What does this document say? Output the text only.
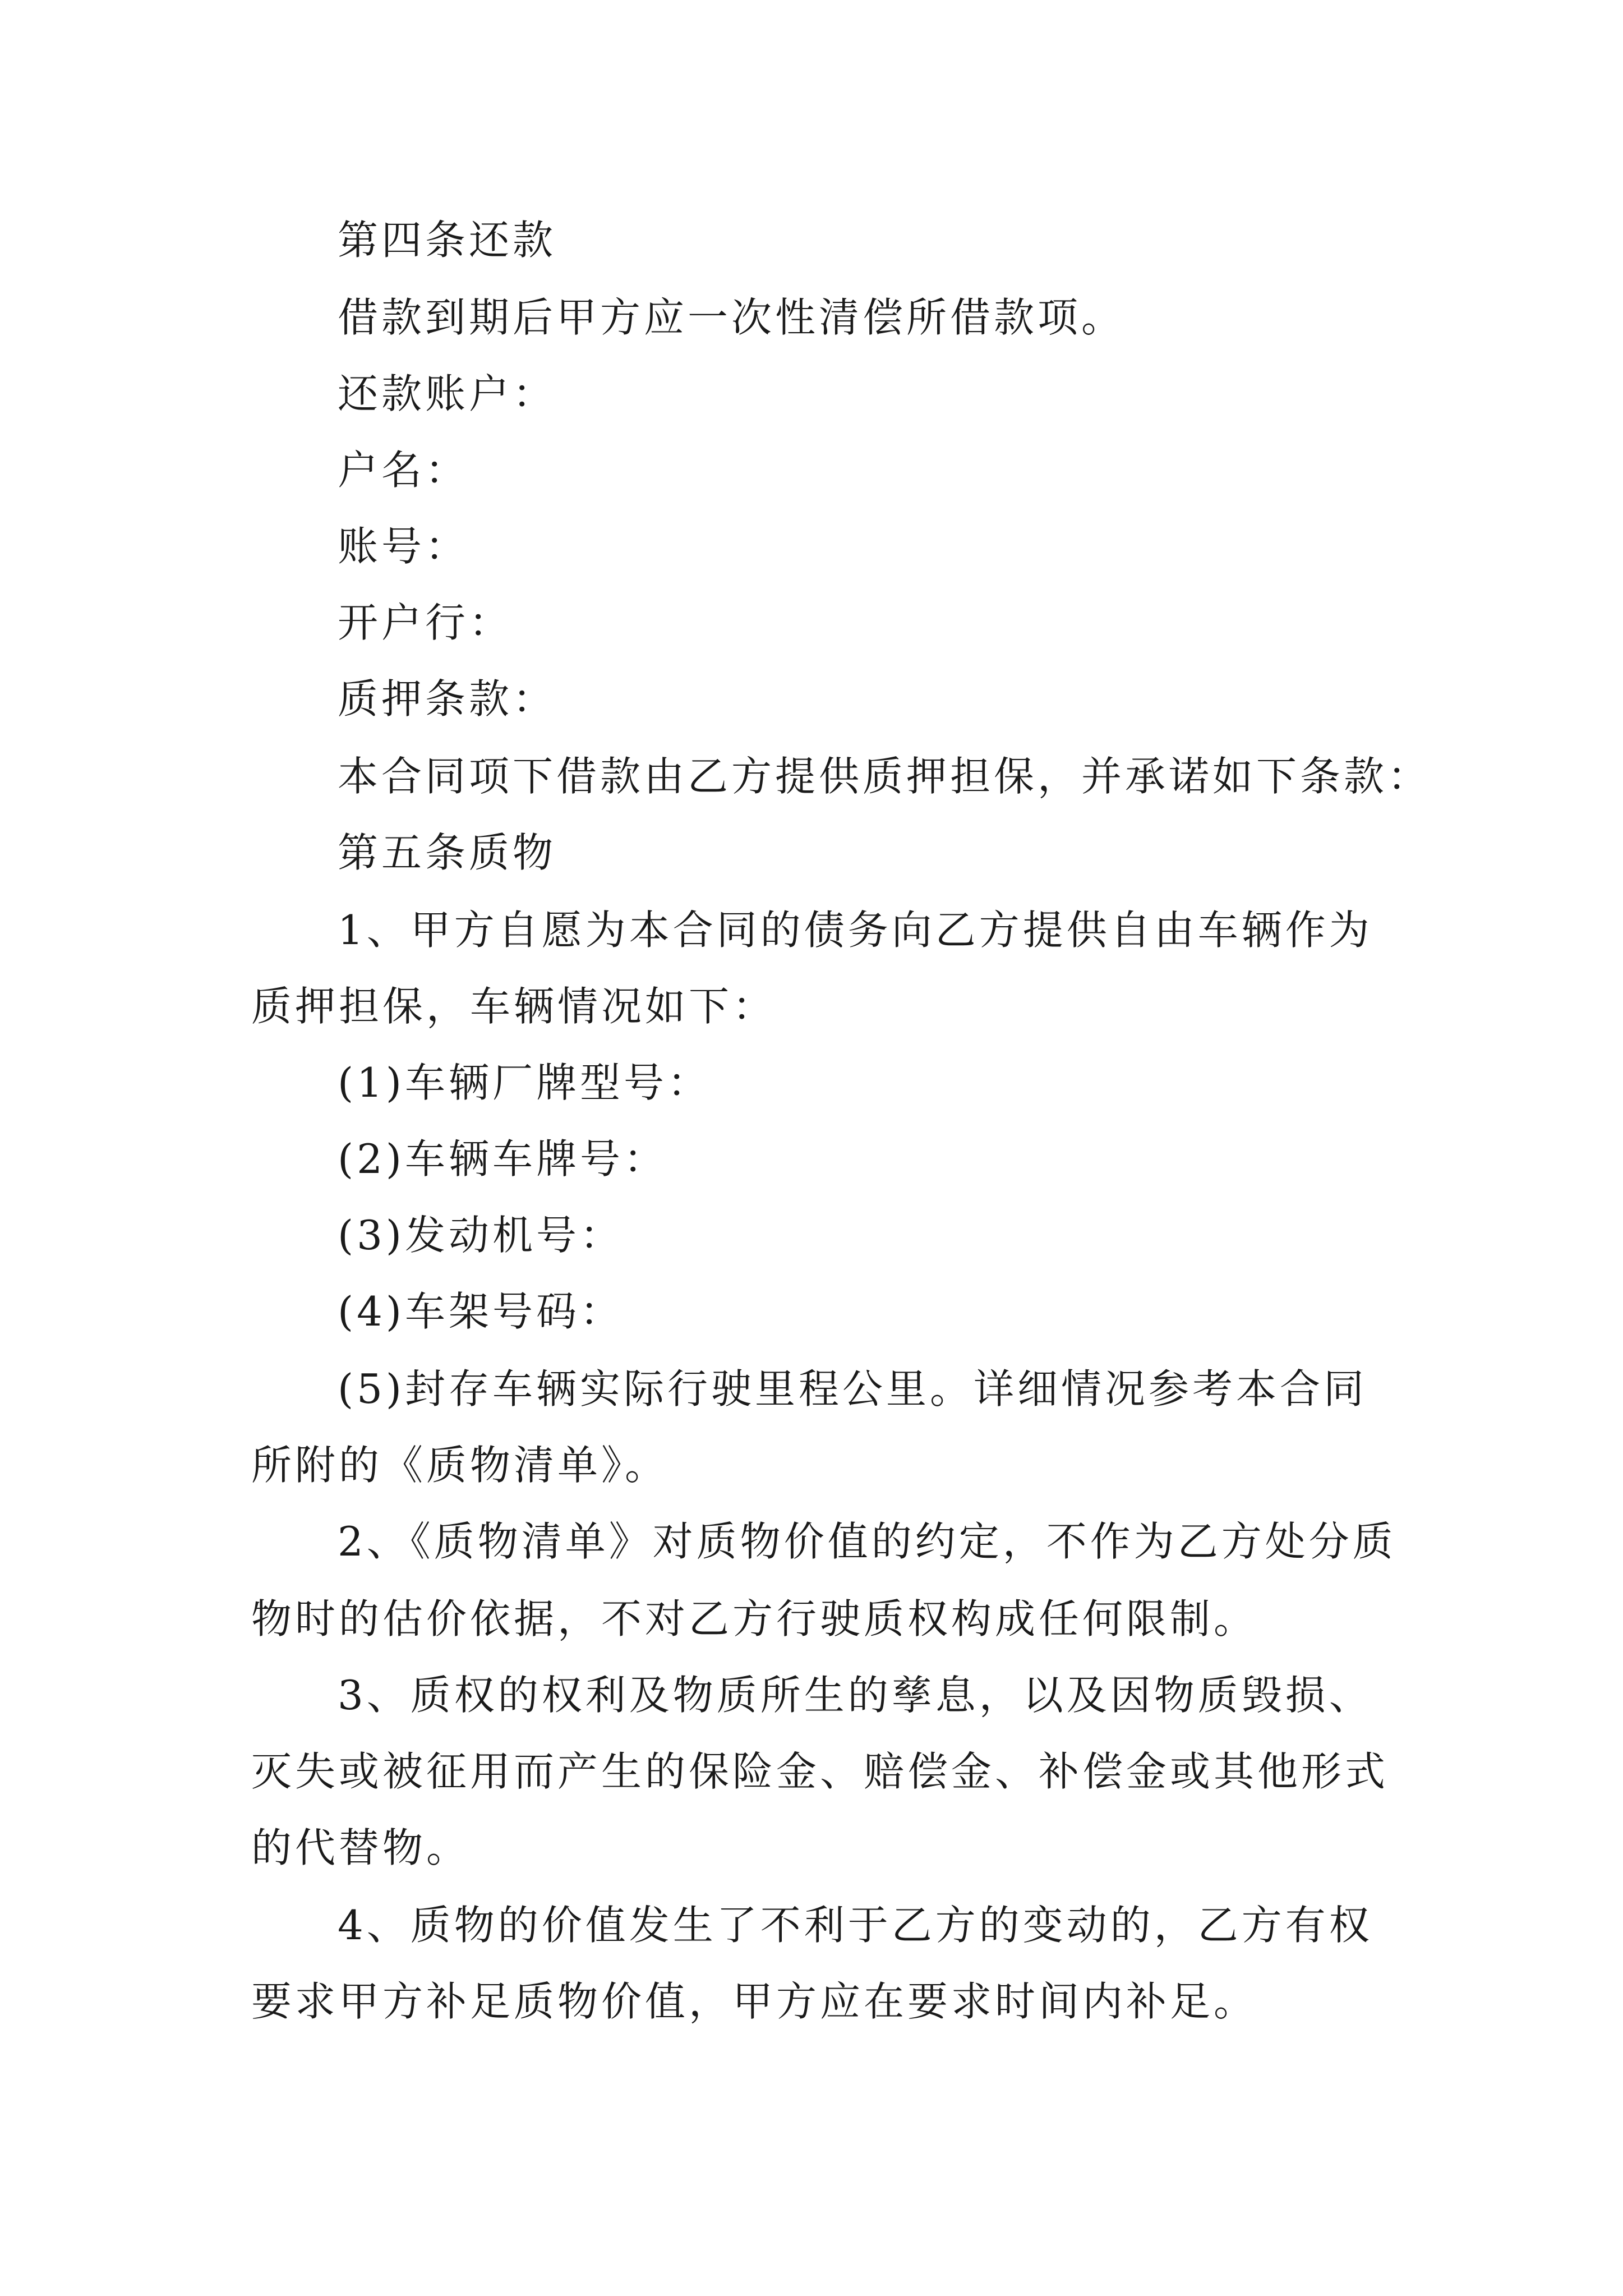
第四条还款
借款到期后甲方应一次性清偿所借款项。
还款账户：
户名：
账号：
开户行：
质押条款：
本合同项下借款由乙方提供质押担保，并承诺如下条款：
第五条质物
1、甲方自愿为本合同的债务向乙方提供自由车辆作为
质押担保，车辆情况如下：
(1)车辆厂牌型号：
(2)车辆车牌号：
(3)发动机号：
(4)车架号码：
(5)封存车辆实际行驶里程公里。详细情况参考本合同
所附的《质物清单》。
2、《质物清单》对质物价值的约定，不作为乙方处分质
物时的估价依据，不对乙方行驶质权构成任何限制。
3、质权的权利及物质所生的孳息，以及因物质毁损、
灭失或被征用而产生的保险金、赔偿金、补偿金或其他形式
的代替物。
4、质物的价值发生了不利于乙方的变动的，乙方有权
要求甲方补足质物价值，甲方应在要求时间内补足。
